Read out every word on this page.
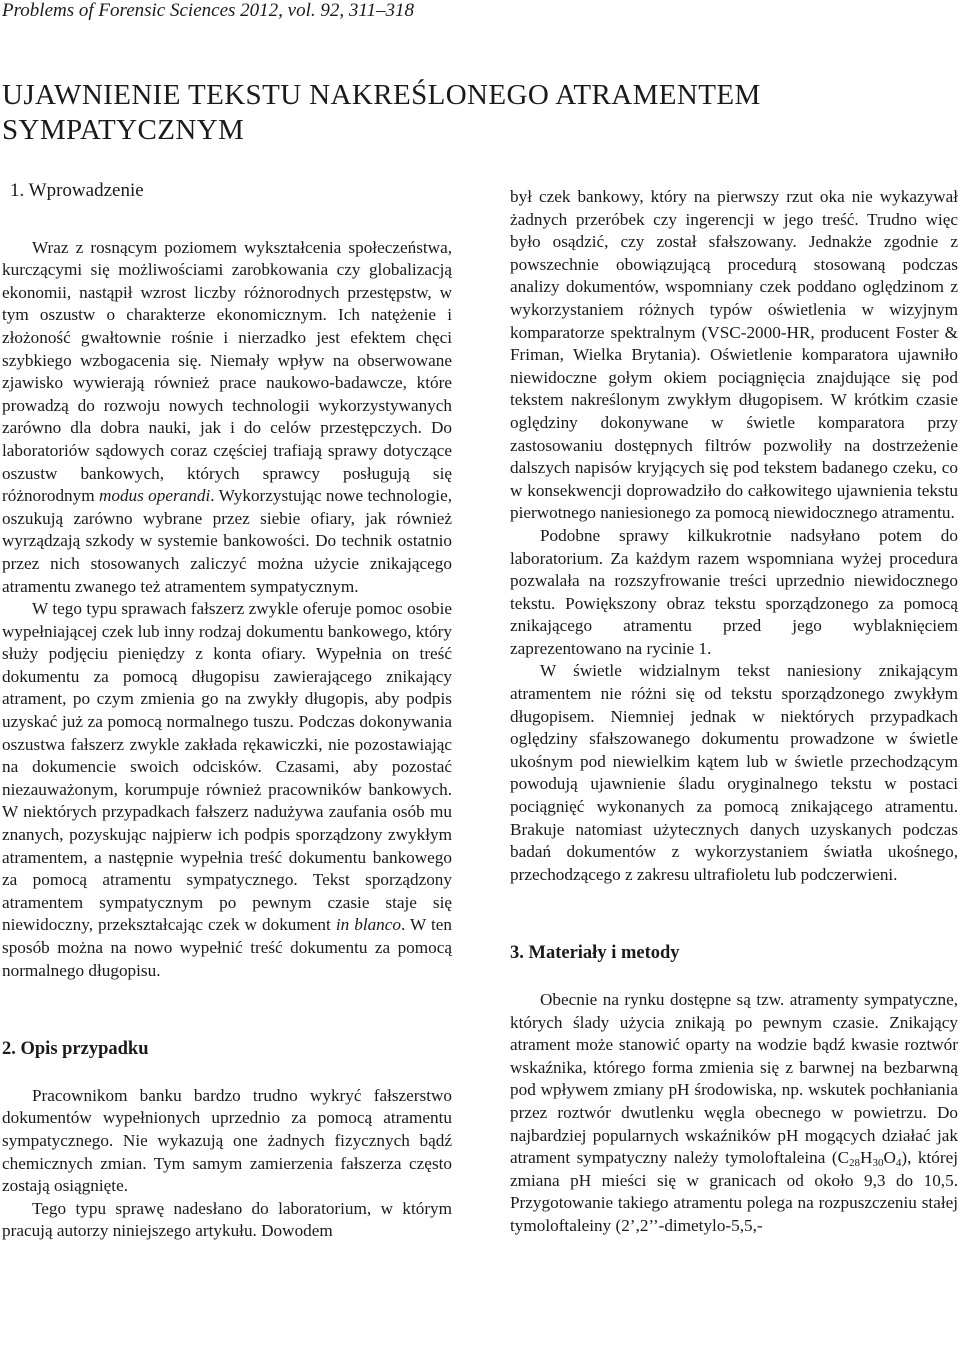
Problems of Forensic Sciences 2012, vol. 92, 311–318
UJAWNIENIE TEKSTU NAKREŚLONEGO ATRAMENTEM SYMPATYCZNYM
1. Wprowadzenie

Wraz z rosnącym poziomem wykształcenia społeczeństwa, kurczącymi się możliwościami zarobkowania czy globalizacją ekonomii, nastąpił wzrost liczby różnorodnych przestępstw, w tym oszustw o charakterze ekonomicznym. Ich natężenie i złożoność gwałtownie rośnie i nierzadko jest efektem chęci szybkiego wzbogacenia się. Niemały wpływ na obserwowane zjawisko wywierają również prace naukowo-badawcze, które prowadzą do rozwoju nowych technologii wykorzystywanych zarówno dla dobra nauki, jak i do celów przestępczych. Do laboratoriów sądowych coraz częściej trafiają sprawy dotyczące oszustw bankowych, których sprawcy posługują się różnorodnym modus operandi. Wykorzystując nowe technologie, oszukują zarówno wybrane przez siebie ofiary, jak również wyrządzają szkody w systemie bankowości. Do technik ostatnio przez nich stosowanych zaliczyć można użycie znikającego atramentu zwanego też atramentem sympatycznym.

W tego typu sprawach fałszerz zwykle oferuje pomoc osobie wypełniającej czek lub inny rodzaj dokumentu bankowego, który służy podjęciu pieniędzy z konta ofiary. Wypełnia on treść dokumentu za pomocą długopisu zawierającego znikający atrament, po czym zmienia go na zwykły długopis, aby podpis uzyskać już za pomocą normalnego tuszu. Podczas dokonywania oszustwa fałszerz zwykle zakłada rękawiczki, nie pozostawiając na dokumencie swoich odcisków. Czasami, aby pozostać niezauważonym, korumpuje również pracowników bankowych. W niektórych przypadkach fałszerz nadużywa zaufania osób mu znanych, pozyskując najpierw ich podpis sporządzony zwykłym atramentem, a następnie wypełnia treść dokumentu bankowego za pomocą atramentu sympatycznego. Tekst sporządzony atramentem sympatycznym po pewnym czasie staje się niewidoczny, przekształcając czek w dokument in blanco. W ten sposób można na nowo wypełnić treść dokumentu za pomocą normalnego długopisu.

2. Opis przypadku

Pracownikom banku bardzo trudno wykryć fałszerstwo dokumentów wypełnionych uprzednio za pomocą atramentu sympatycznego. Nie wykazują one żadnych fizycznych bądź chemicznych zmian. Tym samym zamierzenia fałszerza często zostają osiągnięte.

Tego typu sprawę nadesłano do laboratorium, w którym pracują autorzy niniejszego artykułu. Dowodem

był czek bankowy, który na pierwszy rzut oka nie wykazywał żadnych przeróbek czy ingerencji w jego treść. Trudno więc było osądzić, czy został sfałszowany. Jednakże zgodnie z powszechnie obowiązującą procedurą stosowaną podczas analizy dokumentów, wspomniany czek poddano oględzinom z wykorzystaniem różnych typów oświetlenia w wizyjnym komparatorze spektralnym (VSC-2000-HR, producent Foster & Friman, Wielka Brytania). Oświetlenie komparatora ujawniło niewidoczne gołym okiem pociągnięcia znajdujące się pod tekstem nakreślonym zwykłym długopisem. W krótkim czasie oględziny dokonywane w świetle komparatora przy zastosowaniu dostępnych filtrów pozwoliły na dostrzeżenie dalszych napisów kryjących się pod tekstem badanego czeku, co w konsekwencji doprowadziło do całkowitego ujawnienia tekstu pierwotnego naniesionego za pomocą niewidocznego atramentu.

Podobne sprawy kilkukrotnie nadsyłano potem do laboratorium. Za każdym razem wspomniana wyżej procedura pozwalała na rozszyfrowanie treści uprzednio niewidocznego tekstu. Powiększony obraz tekstu sporządzonego za pomocą znikającego atramentu przed jego wyblaknięciem zaprezentowano na rycinie 1.

W świetle widzialnym tekst naniesiony znikającym atramentem nie różni się od tekstu sporządzonego zwykłym długopisem. Niemniej jednak w niektórych przypadkach oględziny sfałszowanego dokumentu prowadzone w świetle ukośnym pod niewielkim kątem lub w świetle przechodzącym powodują ujawnienie śladu oryginalnego tekstu w postaci pociągnięć wykonanych za pomocą znikającego atramentu. Brakuje natomiast użytecznych danych uzyskanych podczas badań dokumentów z wykorzystaniem światła ukośnego, przechodzącego z zakresu ultrafioletu lub podczerwieni.

3. Materiały i metody

Obecnie na rynku dostępne są tzw. atramenty sympatyczne, których ślady użycia znikają po pewnym czasie. Znikający atrament może stanowić oparty na wodzie bądź kwasie roztwór wskaźnika, którego forma zmienia się z barwnej na bezbarwną pod wpływem zmiany pH środowiska, np. wskutek pochłaniania przez roztwór dwutlenku węgla obecnego w powietrzu. Do najbardziej popularnych wskaźników pH mogących działać jak atrament sympatyczny należy tymoloftaleina $(C_{28}H_{30}O_4)$, której zmiana pH mieści się w granicach od około 9,3 do 10,5. Przygotowanie takiego atramentu polega na rozpuszczeniu stałej tymoloftaleiny (2’,2’’-dimetylo-5,5,-
